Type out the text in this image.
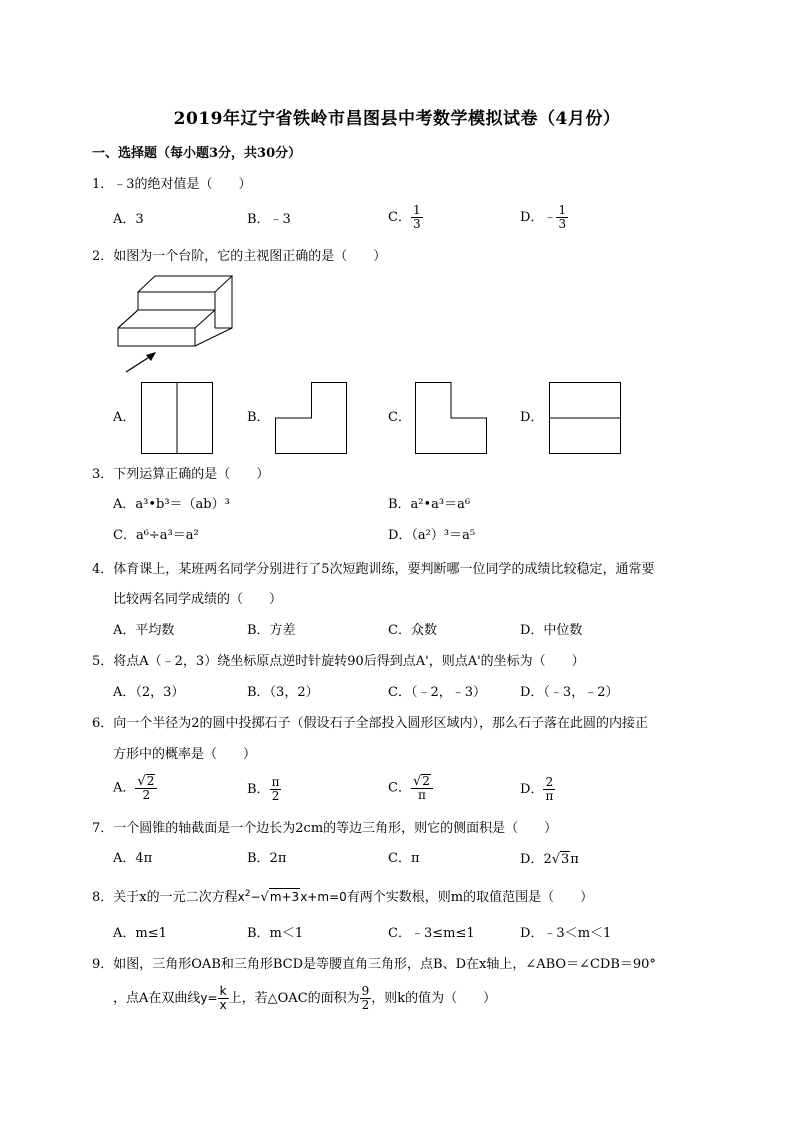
2019年辽宁省铁岭市昌图县中考数学模拟试卷（4月份）
一、选择题（每小题3分，共30分）
1．﹣3的绝对值是（　　）
A．3	B．﹣3	C． $\frac{1}{3}$	D．﹣ $\frac{1}{3}$
2．如图为一个台阶，它的主视图正确的是（　　）
A．	B．	C．	D．
3．下列运算正确的是（　　）
A．a³•b³＝（ab）³	B．a²•a³＝a⁶
C．a⁶÷a³＝a²	D．（a²）³＝a⁵
4．体育课上，某班两名同学分别进行了5次短跑训练，要判断哪一位同学的成绩比较稳定，通常要
比较两名同学成绩的（　　）
A．平均数	B．方差	C．众数	D．中位数
5．将点A（﹣2，3）绕坐标原点逆时针旋转90后得到点A'，则点A'的坐标为（　　）
A．（2，3）	B．（3，2）	C．（﹣2，﹣3）	D．（﹣3，﹣2）
6．向一个半径为2的圆中投掷石子（假设石子全部投入圆形区域内），那么石子落在此圆的内接正
方形中的概率是（　　）
A． $\frac{√2}{2}$	B． $\frac{\pi}{2}$	C． $\frac{√2}{\pi}$	D． $\frac{2}{\pi}$
7．一个圆锥的轴截面是一个边长为2cm的等边三角形，则它的侧面积是（　　）
A．4π	B．2π	C．π	D．2√3π
8．关于x的一元二次方程$x^2-√m+3x+m=0$有两个实数根，则m的取值范围是（　　）
A．m≤1	B．m＜1	C．﹣3≤m≤1	D．﹣3＜m＜1
9．如图，三角形OAB和三角形BCD是等腰直角三角形，点B、D在x轴上，∠ABO＝∠CDB＝90°
，点A在双曲线$y= \frac{k}{x}$ 上，若△OAC的面积为 $\frac{9}{2}$ ，则k的值为（　　）
